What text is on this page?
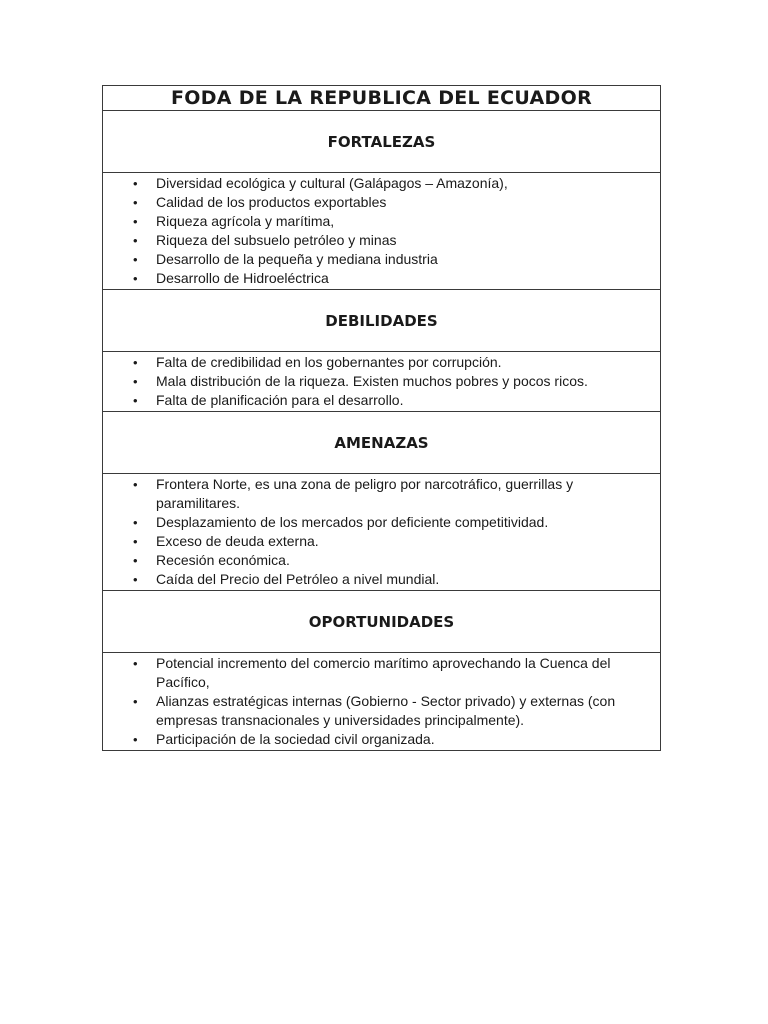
FODA DE LA REPUBLICA DEL ECUADOR

FORTALEZAS

• Diversidad ecológica y cultural (Galápagos – Amazonía),
• Calidad de los productos exportables
• Riqueza agrícola y marítima,
• Riqueza del subsuelo petróleo y minas
• Desarrollo de la pequeña y mediana industria
• Desarrollo de Hidroeléctrica

DEBILIDADES

• Falta de credibilidad en los gobernantes por corrupción.
• Mala distribución de la riqueza. Existen muchos pobres y pocos ricos.
• Falta de planificación para el desarrollo.

AMENAZAS

• Frontera Norte, es una zona de peligro por narcotráfico, guerrillas y paramilitares.
• Desplazamiento de los mercados por deficiente competitividad.
• Exceso de deuda externa.
• Recesión económica.
• Caída del Precio del Petróleo a nivel mundial.

OPORTUNIDADES

• Potencial incremento del comercio marítimo aprovechando la Cuenca del Pacífico,
• Alianzas estratégicas internas (Gobierno - Sector privado) y externas (con empresas transnacionales y universidades principalmente).
• Participación de la sociedad civil organizada.
